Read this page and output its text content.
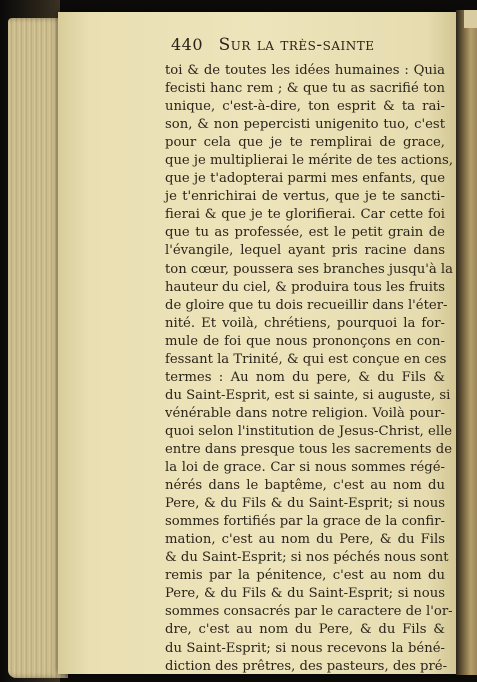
440 Sur la très-sainte
toi & de toutes les idées humaines : Quia
fecisti hanc rem ; & que tu as sacrifié ton
unique, c'est-à-dire, ton esprit & ta rai-
son, & non pepercisti unigenito tuo, c'est
pour cela que je te remplirai de grace,
que je multiplierai le mérite de tes actions,
que je t'adopterai parmi mes enfants, que
je t'enrichirai de vertus, que je te sancti-
fierai & que je te glorifierai. Car cette foi
que tu as professée, est le petit grain de
l'évangile, lequel ayant pris racine dans
ton cœur, poussera ses branches jusqu'à la
hauteur du ciel, & produira tous les fruits
de gloire que tu dois recueillir dans l'éter-
nité. Et voilà, chrétiens, pourquoi la for-
mule de foi que nous prononçons en con-
fessant la Trinité, & qui est conçue en ces
termes : Au nom du pere, & du Fils &
du Saint-Esprit, est si sainte, si auguste, si
vénérable dans notre religion. Voilà pour-
quoi selon l'institution de Jesus-Christ, elle
entre dans presque tous les sacrements de
la loi de grace. Car si nous sommes régé-
nérés dans le baptême, c'est au nom du
Pere, & du Fils & du Saint-Esprit; si nous
sommes fortifiés par la grace de la confir-
mation, c'est au nom du Pere, & du Fils
& du Saint-Esprit; si nos péchés nous sont
remis par la pénitence, c'est au nom du
Pere, & du Fils & du Saint-Esprit; si nous
sommes consacrés par le caractere de l'or-
dre, c'est au nom du Pere, & du Fils &
du Saint-Esprit; si nous recevons la béné-
diction des prêtres, des pasteurs, des pré-
